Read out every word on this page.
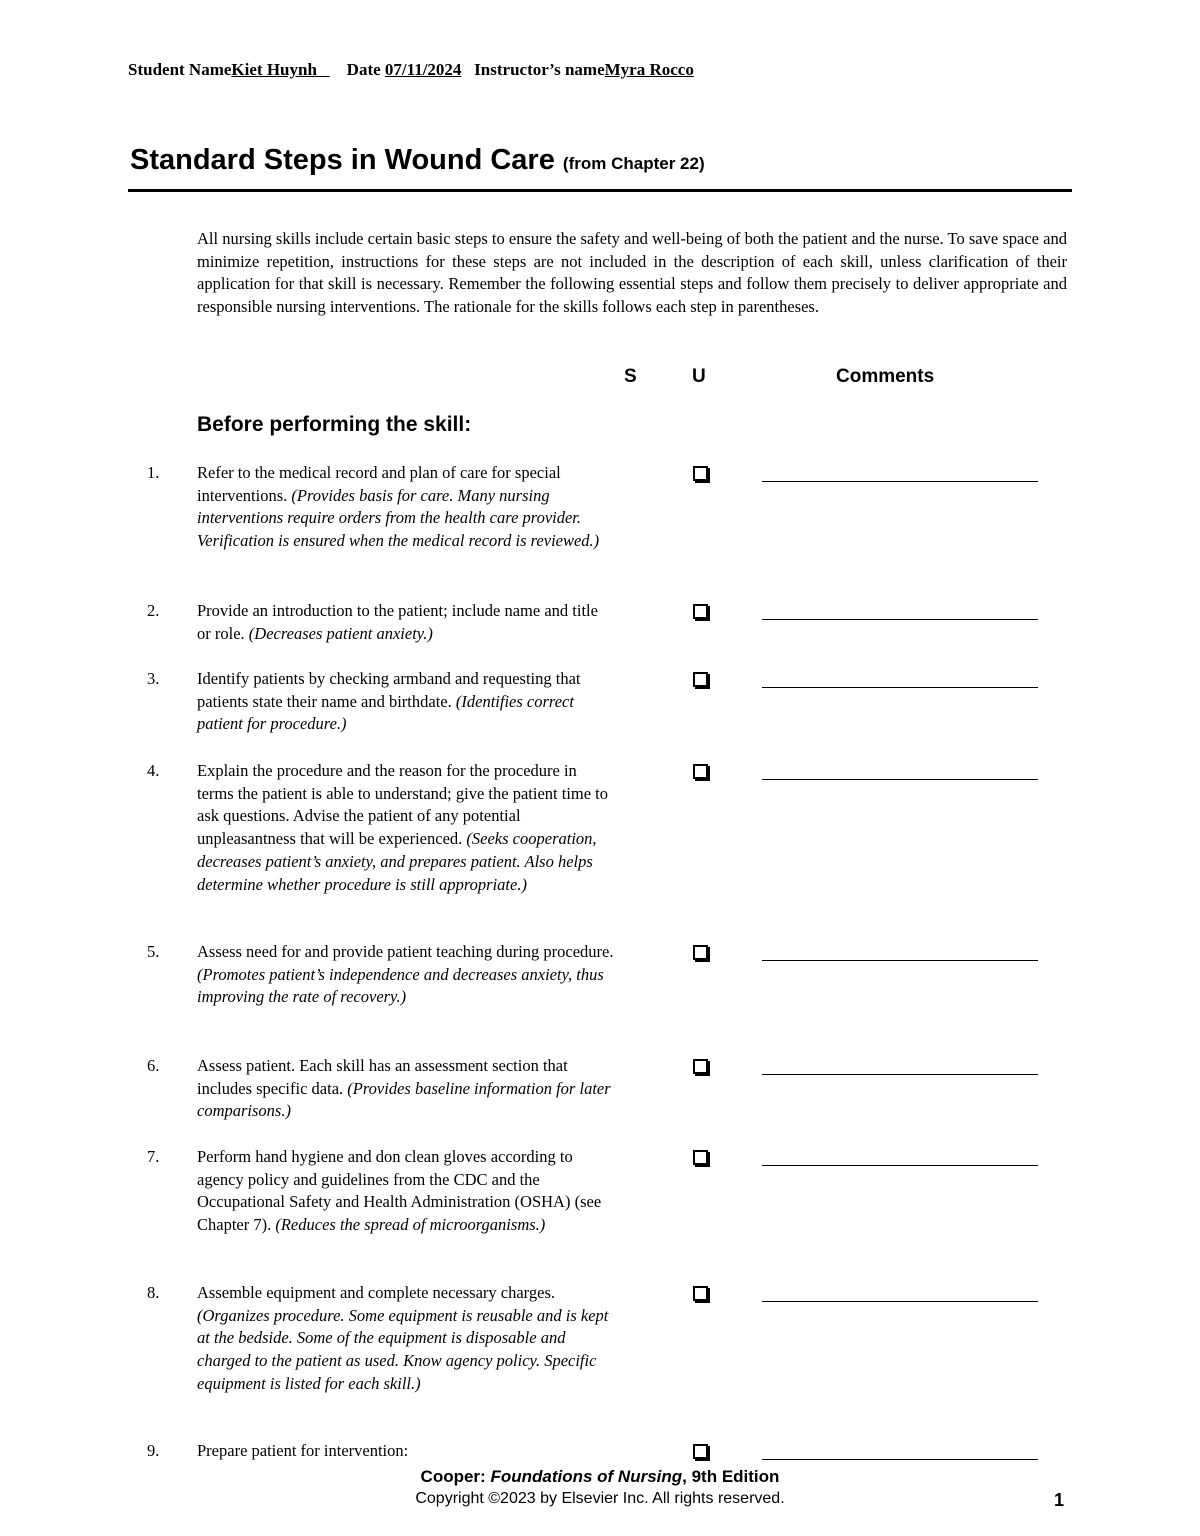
Student NameKiet Huynh Date 07/11/2024 Instructor’s nameMyra Rocco
Standard Steps in Wound Care (from Chapter 22)
All nursing skills include certain basic steps to ensure the safety and well-being of both the patient and the nurse. To save space and minimize repetition, instructions for these steps are not included in the description of each skill, unless clarification of their application for that skill is necessary. Remember the following essential steps and follow them precisely to deliver appropriate and responsible nursing interventions. The rationale for the skills follows each step in parentheses.
S	U	Comments
Before performing the skill:
1. Refer to the medical record and plan of care for special interventions. (Provides basis for care. Many nursing interventions require orders from the health care provider. Verification is ensured when the medical record is reviewed.)
2. Provide an introduction to the patient; include name and title or role. (Decreases patient anxiety.)
3. Identify patients by checking armband and requesting that patients state their name and birthdate. (Identifies correct patient for procedure.)
4. Explain the procedure and the reason for the procedure in terms the patient is able to understand; give the patient time to ask questions. Advise the patient of any potential unpleasantness that will be experienced. (Seeks cooperation, decreases patient’s anxiety, and prepares patient. Also helps determine whether procedure is still appropriate.)
5. Assess need for and provide patient teaching during procedure. (Promotes patient’s independence and decreases anxiety, thus improving the rate of recovery.)
6. Assess patient. Each skill has an assessment section that includes specific data. (Provides baseline information for later comparisons.)
7. Perform hand hygiene and don clean gloves according to agency policy and guidelines from the CDC and the Occupational Safety and Health Administration (OSHA) (see Chapter 7). (Reduces the spread of microorganisms.)
8. Assemble equipment and complete necessary charges. (Organizes procedure. Some equipment is reusable and is kept at the bedside. Some of the equipment is disposable and charged to the patient as used. Know agency policy. Specific equipment is listed for each skill.)
9. Prepare patient for intervention:
Cooper: Foundations of Nursing, 9th Edition
Copyright ©2023 by Elsevier Inc. All rights reserved.	1
